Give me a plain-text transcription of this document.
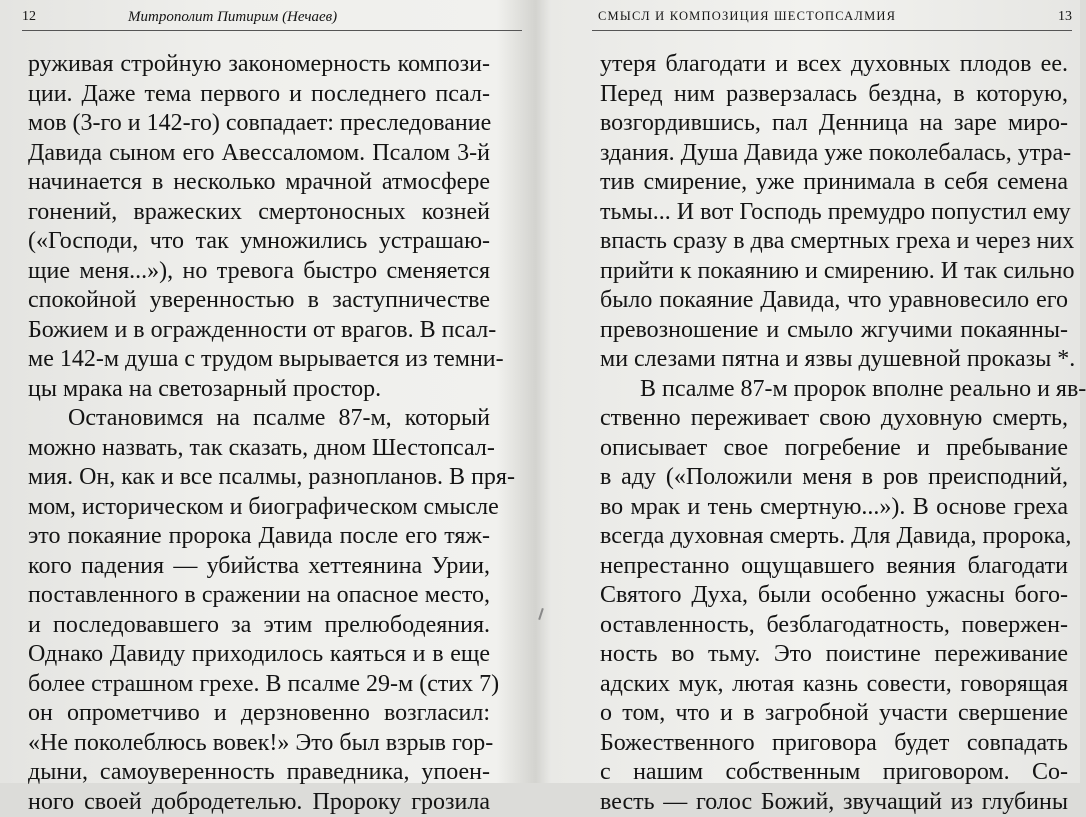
12	Митрополит Питирим (Нечаев)
руживая стройную закономерность компози-
ции. Даже тема первого и последнего псал-
мов (3-го и 142-го) совпадает: преследование
Давида сыном его Авессаломом. Псалом 3-й
начинается в несколько мрачной атмосфере
гонений, вражеских смертоносных козней
(«Господи, что так умножились устрашаю-
щие меня...»), но тревога быстро сменяется
спокойной уверенностью в заступничестве
Божием и в огражденности от врагов. В псал-
ме 142-м душа с трудом вырывается из темни-
цы мрака на светозарный простор.
Остановимся на псалме 87-м, который
можно назвать, так сказать, дном Шестопсал-
мия. Он, как и все псалмы, разнопланов. В пря-
мом, историческом и биографическом смысле
это покаяние пророка Давида после его тяж-
кого падения — убийства хеттеянина Урии,
поставленного в сражении на опасное место,
и последовавшего за этим прелюбодеяния.
Однако Давиду приходилось каяться и в еще
более страшном грехе. В псалме 29-м (стих 7)
он опрометчиво и дерзновенно возгласил:
«Не поколеблюсь вовек!» Это был взрыв гор-
дыни, самоуверенность праведника, упоен-
ного своей добродетелью. Пророку грозила
СМЫСЛ И КОМПОЗИЦИЯ ШЕСТОПСАЛМИЯ	13
утеря благодати и всех духовных плодов ее.
Перед ним разверзалась бездна, в которую,
возгордившись, пал Денница на заре миро-
здания. Душа Давида уже поколебалась, утра-
тив смирение, уже принимала в себя семена
тьмы... И вот Господь премудро попустил ему
впасть сразу в два смертных греха и через них
прийти к покаянию и смирению. И так сильно
было покаяние Давида, что уравновесило его
превозношение и смыло жгучими покаянны-
ми слезами пятна и язвы душевной проказы *.
В псалме 87-м пророк вполне реально и яв-
ственно переживает свою духовную смерть,
описывает свое погребение и пребывание
в аду («Положили меня в ров преисподний,
во мрак и тень смертную...»). В основе греха
всегда духовная смерть. Для Давида, пророка,
непрестанно ощущавшего веяния благодати
Святого Духа, были особенно ужасны бого-
оставленность, безблагодатность, повержен-
ность во тьму. Это поистине переживание
адских мук, лютая казнь совести, говорящая
о том, что и в загробной участи свершение
Божественного приговора будет совпадать
с нашим собственным приговором. Со-
весть — голос Божий, звучащий из глубины
